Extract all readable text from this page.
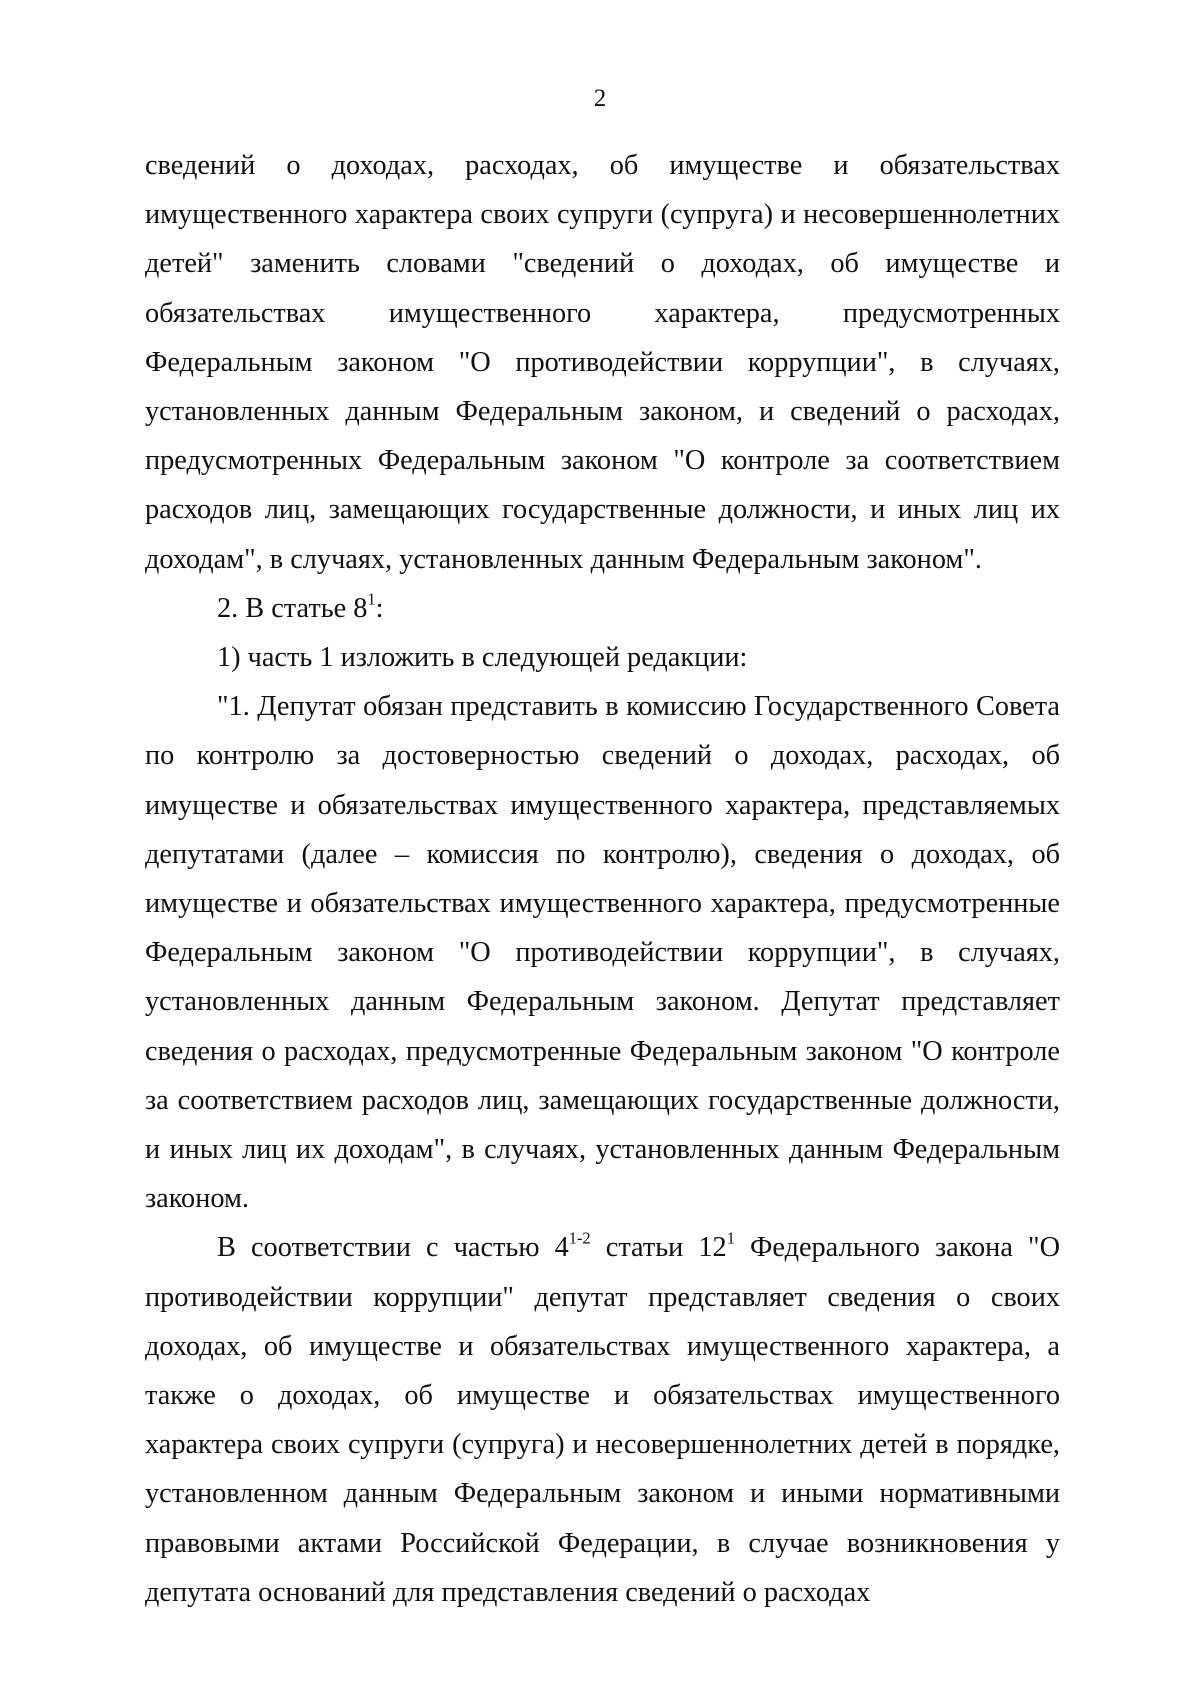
2

сведений о доходах, расходах, об имуществе и обязательствах имущественного характера своих супруги (супруга) и несовершеннолетних детей" заменить словами "сведений о доходах, об имуществе и обязательствах имущественного характера, предусмотренных Федеральным законом "О противодействии коррупции", в случаях, установленных данным Федеральным законом, и сведений о расходах, предусмотренных Федеральным законом "О контроле за соответствием расходов лиц, замещающих государственные должности, и иных лиц их доходам", в случаях, установленных данным Федеральным законом".

2. В статье $8^1$:

1) часть 1 изложить в следующей редакции:

"1. Депутат обязан представить в комиссию Государственного Совета по контролю за достоверностью сведений о доходах, расходах, об имуществе и обязательствах имущественного характера, представляемых депутатами (далее – комиссия по контролю), сведения о доходах, об имуществе и обязательствах имущественного характера, предусмотренные Федеральным законом "О противодействии коррупции", в случаях, установленных данным Федеральным законом. Депутат представляет сведения о расходах, предусмотренные Федеральным законом "О контроле за соответствием расходов лиц, замещающих государственные должности, и иных лиц их доходам", в случаях, установленных данным Федеральным законом.

В соответствии с частью 4$^{1-2}$ статьи $12^1$ Федерального закона "О противодействии коррупции" депутат представляет сведения о своих доходах, об имуществе и обязательствах имущественного характера, а также о доходах, об имуществе и обязательствах имущественного характера своих супруги (супруга) и несовершеннолетних детей в порядке, установленном данным Федеральным законом и иными нормативными правовыми актами Российской Федерации, в случае возникновения у депутата оснований для представления сведений о расходах
